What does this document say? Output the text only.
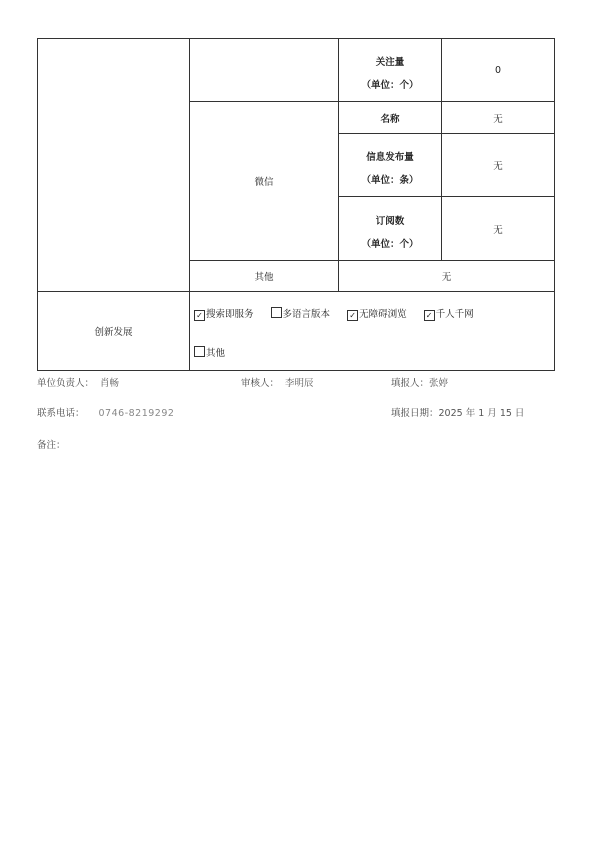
		关注量
（单位：个）	0
	微信	名称	无

		信息发布量
（单位：条）	无

		订阅数
（单位：个）	无

	其他	无	
创新发展	✓ 搜索即服务 多语言版本 ✓ 无障碍浏览 ✓ 千人千网
其他		
单位负责人： 肖畅	审核人： 李明辰	填报人：张婷
联系电话： 0746-8219292	填报日期：2025 年 1 月 15 日
备注：
